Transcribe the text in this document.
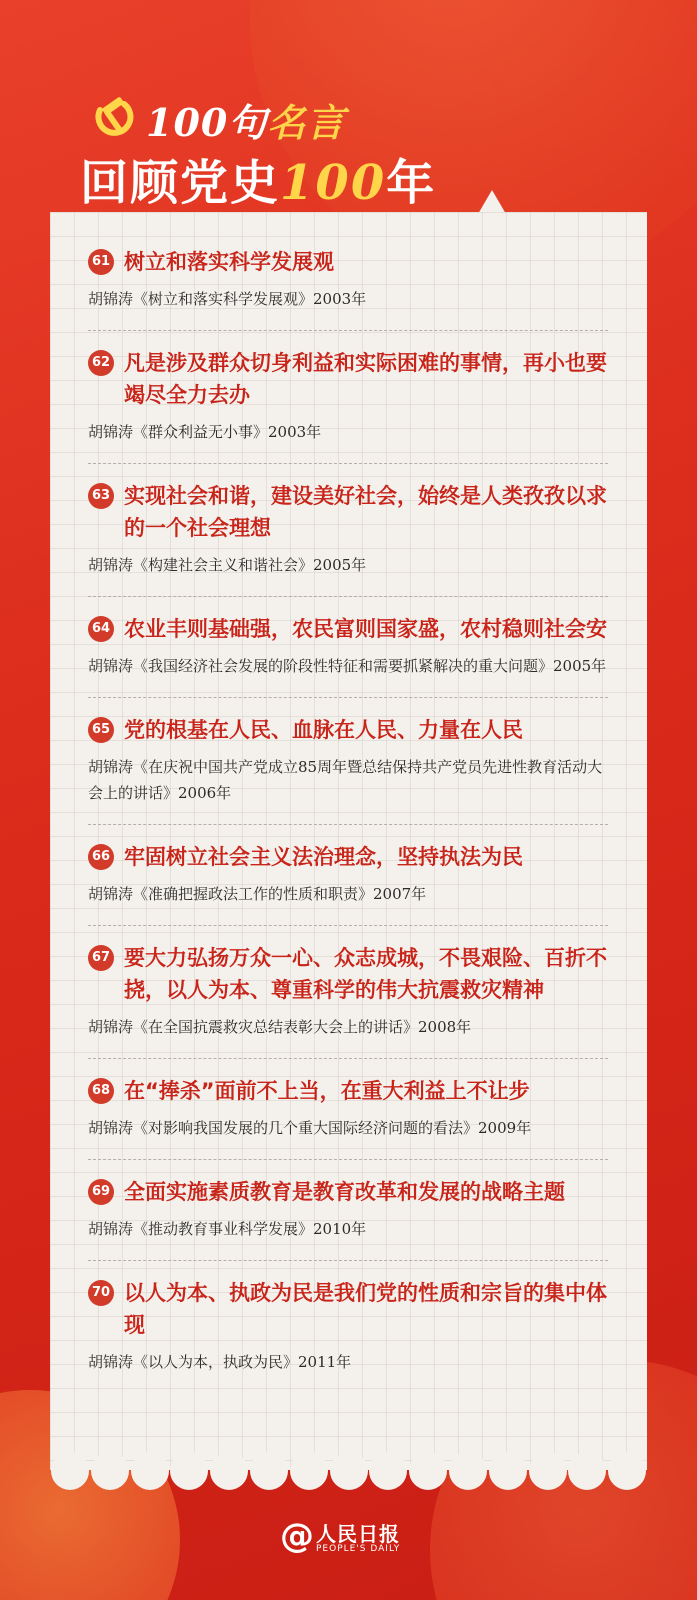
100句名言
回顾党史100年
61 树立和落实科学发展观
胡锦涛《树立和落实科学发展观》2003年
62 凡是涉及群众切身利益和实际困难的事情，再小也要竭尽全力去办
胡锦涛《群众利益无小事》2003年
63 实现社会和谐，建设美好社会，始终是人类孜孜以求的一个社会理想
胡锦涛《构建社会主义和谐社会》2005年
64 农业丰则基础强，农民富则国家盛，农村稳则社会安
胡锦涛《我国经济社会发展的阶段性特征和需要抓紧解决的重大问题》2005年
65 党的根基在人民、血脉在人民、力量在人民
胡锦涛《在庆祝中国共产党成立85周年暨总结保持共产党员先进性教育活动大会上的讲话》2006年
66 牢固树立社会主义法治理念，坚持执法为民
胡锦涛《准确把握政法工作的性质和职责》2007年
67 要大力弘扬万众一心、众志成城，不畏艰险、百折不挠，以人为本、尊重科学的伟大抗震救灾精神
胡锦涛《在全国抗震救灾总结表彰大会上的讲话》2008年
68 在“捧杀”面前不上当，在重大利益上不让步
胡锦涛《对影响我国发展的几个重大国际经济问题的看法》2009年
69 全面实施素质教育是教育改革和发展的战略主题
胡锦涛《推动教育事业科学发展》2010年
70 以人为本、执政为民是我们党的性质和宗旨的集中体现
胡锦涛《以人为本，执政为民》2011年
@ 人民日报
PEOPLE'S DAILY
